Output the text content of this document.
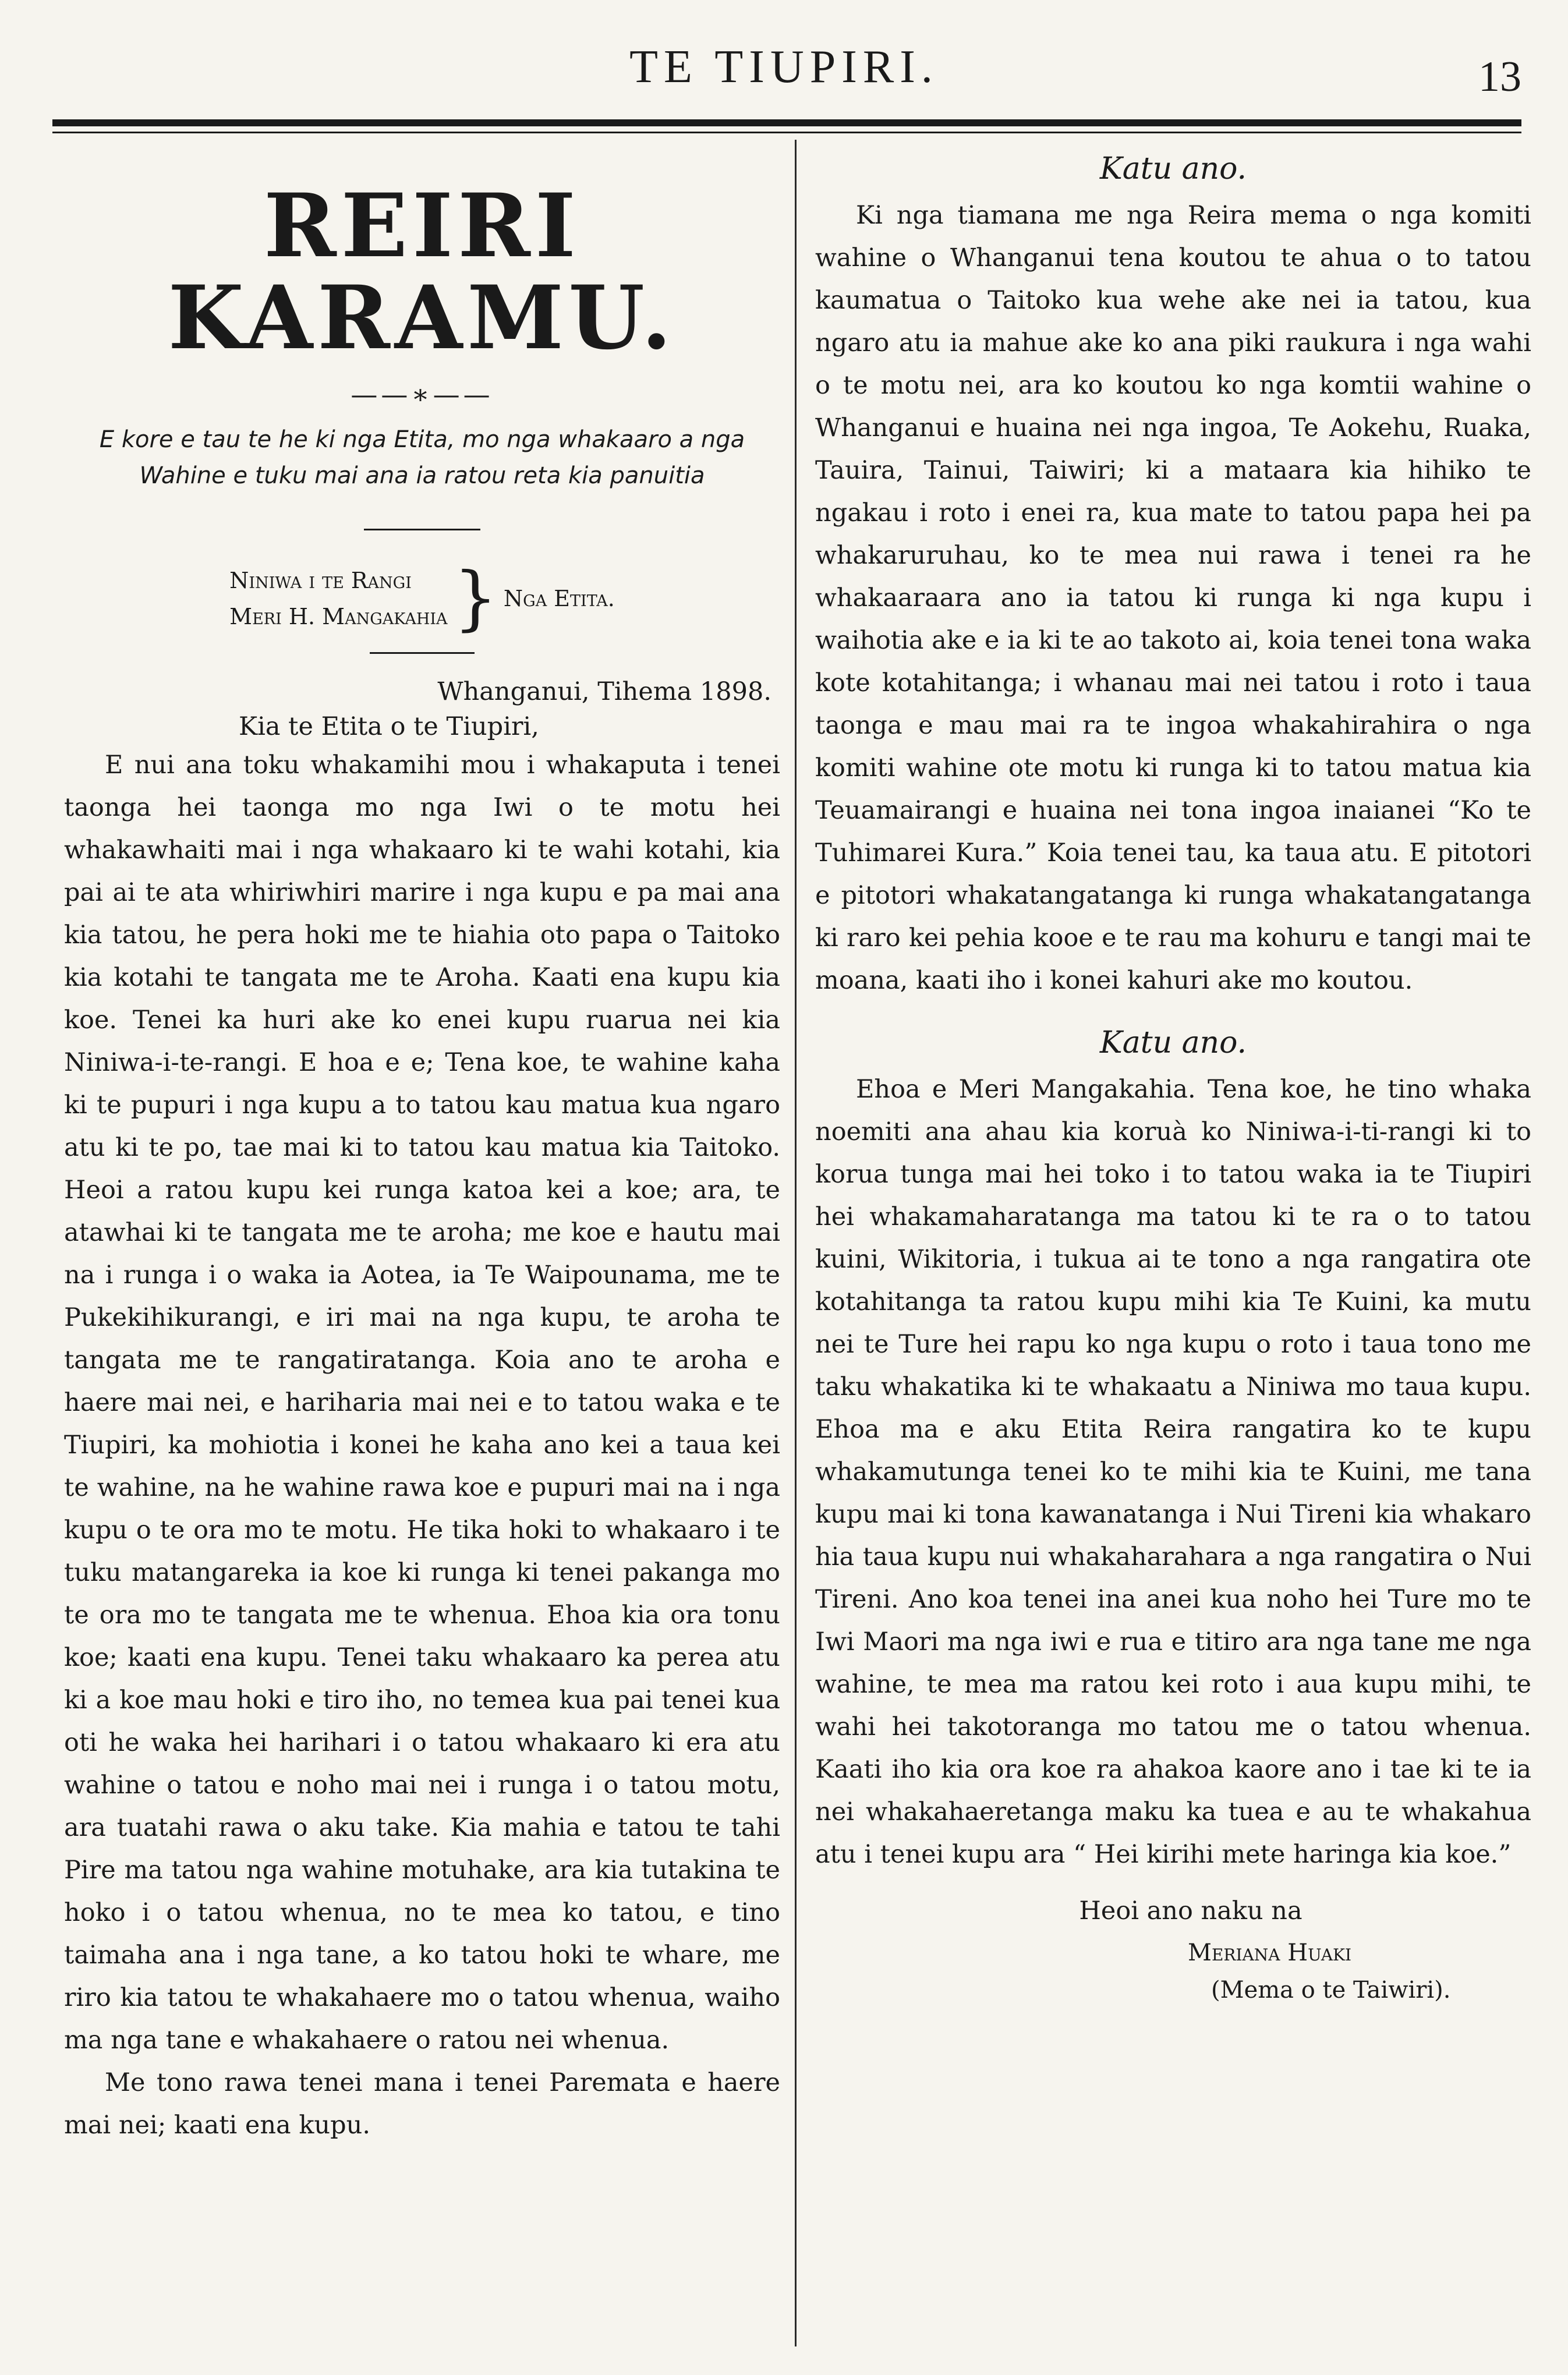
TE TIUPIRI.	13
REIRI KARAMU.
——∗——
E kore e tau te he ki nga Etita, mo nga whakaaro a nga
Wahine e tuku mai ana ia ratou reta kia panuitia
Niniwa i te Rangi
Meri H. Mangakahia } Nga Etita.
Whanganui, Tihema 1898.
Kia te Etita o te Tiupiri,

E nui ana toku whakamihi mou i whakaputa i tenei taonga hei taonga mo nga Iwi o te motu hei whakawhaiti mai i nga whakaaro ki te wahi kotahi, kia pai ai te ata whiriwhiri marire i nga kupu e pa mai ana kia tatou, he pera hoki me te hiahia oto papa o Taitoko kia kotahi te tangata me te Aroha. Kaati ena kupu kia koe. Tenei ka huri ake ko enei kupu ruarua nei kia Niniwa-i-te-rangi. E hoa e e; Tena koe, te wahine kaha ki te pupuri i nga kupu a to tatou kau matua kua ngaro atu ki te po, tae mai ki to tatou kau matua kia Taitoko. Heoi a ratou kupu kei runga katoa kei a koe; ara, te atawhai ki te tangata me te aroha; me koe e hautu mai na i runga i o waka ia Aotea, ia Te Waipounama, me te Pukekihikurangi, e iri mai na nga kupu, te aroha te tangata me te rangatiratanga. Koia ano te aroha e haere mai nei, e hariharia mai nei e to tatou waka e te Tiupiri, ka mohiotia i konei he kaha ano kei a taua kei te wahine, na he wahine rawa koe e pupuri mai na i nga kupu o te ora mo te motu. He tika hoki to whakaaro i te tuku matangareka ia koe ki runga ki tenei pakanga mo te ora mo te tangata me te whenua. Ehoa kia ora tonu koe; kaati ena kupu. Tenei taku whakaaro ka perea atu ki a koe mau hoki e tiro iho, no temea kua pai tenei kua oti he waka hei harihari i o tatou whakaaro ki era atu wahine o tatou e noho mai nei i runga i o tatou motu, ara tuatahi rawa o aku take. Kia mahia e tatou te tahi Pire ma tatou nga wahine motuhake, ara kia tutakina te hoko i o tatou whenua, no te mea ko tatou, e tino taimaha ana i nga tane, a ko tatou hoki te whare, me riro kia tatou te whakahaere mo o tatou whenua, waiho ma nga tane e whakahaere o ratou nei whenua.

Me tono rawa tenei mana i tenei Paremata e haere mai nei; kaati ena kupu.

Katu ano.

Ki nga tiamana me nga Reira mema o nga komiti wahine o Whanganui tena koutou te ahua o to tatou kaumatua o Taitoko kua wehe ake nei ia tatou, kua ngaro atu ia mahue ake ko ana piki raukura i nga wahi o te motu nei, ara ko koutou ko nga komtii wahine o Whanganui e huaina nei nga ingoa, Te Aokehu, Ruaka, Tauira, Tainui, Taiwiri; ki a mataara kia hihiko te ngakau i roto i enei ra, kua mate to tatou papa hei pa whakaruruhau, ko te mea nui rawa i tenei ra he whakaaraara ano ia tatou ki runga ki nga kupu i waihotia ake e ia ki te ao takoto ai, koia tenei tona waka kote kotahitanga; i whanau mai nei tatou i roto i taua taonga e mau mai ra te ingoa whakahirahira o nga komiti wahine ote motu ki runga ki to tatou matua kia Teuamairangi e huaina nei tona ingoa inaianei “Ko te Tuhimarei Kura.” Koia tenei tau, ka taua atu. E pitotori e pitotori whakatangatanga ki runga whakatangatanga ki raro kei pehia kooe e te rau ma kohuru e tangi mai te moana, kaati iho i konei kahuri ake mo koutou.

Katu ano.

Ehoa e Meri Mangakahia. Tena koe, he tino whaka noemiti ana ahau kia koruà ko Niniwa-i-ti-rangi ki to korua tunga mai hei toko i to tatou waka ia te Tiupiri hei whakamaharatanga ma tatou ki te ra o to tatou kuini, Wikitoria, i tukua ai te tono a nga rangatira ote kotahitanga ta ratou kupu mihi kia Te Kuini, ka mutu nei te Ture hei rapu ko nga kupu o roto i taua tono me taku whakatika ki te whakaatu a Niniwa mo taua kupu. Ehoa ma e aku Etita Reira rangatira ko te kupu whakamutunga tenei ko te mihi kia te Kuini, me tana kupu mai ki tona kawanatanga i Nui Tireni kia whakaro hia taua kupu nui whakaharahara a nga rangatira o Nui Tireni. Ano koa tenei ina anei kua noho hei Ture mo te Iwi Maori ma nga iwi e rua e titiro ara nga tane me nga wahine, te mea ma ratou kei roto i aua kupu mihi, te wahi hei takotoranga mo tatou me o tatou whenua. Kaati iho kia ora koe ra ahakoa kaore ano i tae ki te ia nei whakahaeretanga maku ka tuea e au te whakahua atu i tenei kupu ara “ Hei kirihi mete haringa kia koe.”

Heoi ano naku na
Meriana Huaki
(Mema o te Taiwiri).
